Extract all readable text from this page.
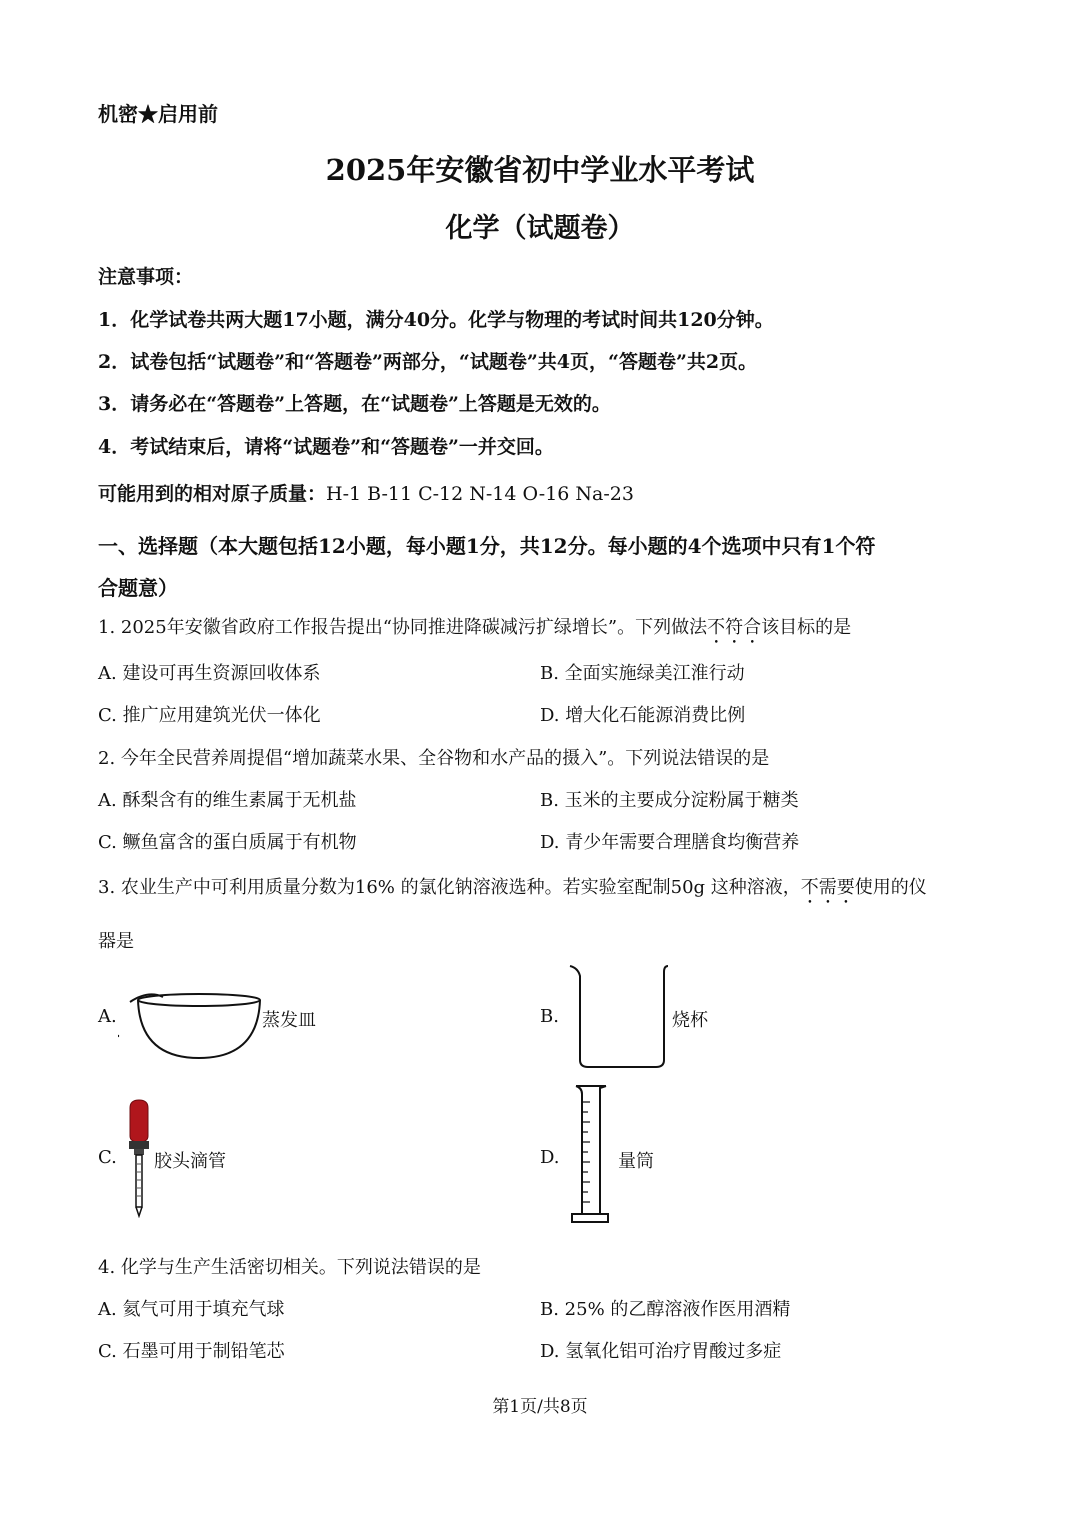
机密★启用前
2025年安徽省初中学业水平考试
化学（试题卷）
注意事项：
1．化学试卷共两大题17小题，满分40分。化学与物理的考试时间共120分钟。
2．试卷包括“试题卷”和“答题卷”两部分，“试题卷”共4页，“答题卷”共2页。
3．请务必在“答题卷”上答题，在“试题卷”上答题是无效的。
4．考试结束后，请将“试题卷”和“答题卷”一并交回。
可能用到的相对原子质量：H-1 B-11 C-12 N-14 O-16 Na-23
一、选择题（本大题包括12小题，每小题1分，共12分。每小题的4个选项中只有1个符
合题意）
1. 2025年安徽省政府工作报告提出“协同推进降碳减污扩绿增长”。下列做法不符合该目标的是
A. 建设可再生资源回收体系	B. 全面实施绿美江淮行动
C. 推广应用建筑光伏一体化	D. 增大化石能源消费比例
2. 今年全民营养周提倡“增加蔬菜水果、全谷物和水产品的摄入”。下列说法错误的是
A. 酥梨含有的维生素属于无机盐	B. 玉米的主要成分淀粉属于糖类
C. 鳜鱼富含的蛋白质属于有机物	D. 青少年需要合理膳食均衡营养
3. 农业生产中可利用质量分数为16% 的氯化钠溶液选种。若实验室配制50g 这种溶液，不需要使用的仪
器是
A.	蒸发皿	B.	烧杯
C. 胶头滴管	D.	量筒
4. 化学与生产生活密切相关。下列说法错误的是
A. 氦气可用于填充气球	B. 25% 的乙醇溶液作医用酒精
C. 石墨可用于制铅笔芯	D. 氢氧化铝可治疗胃酸过多症
第1页/共8页
